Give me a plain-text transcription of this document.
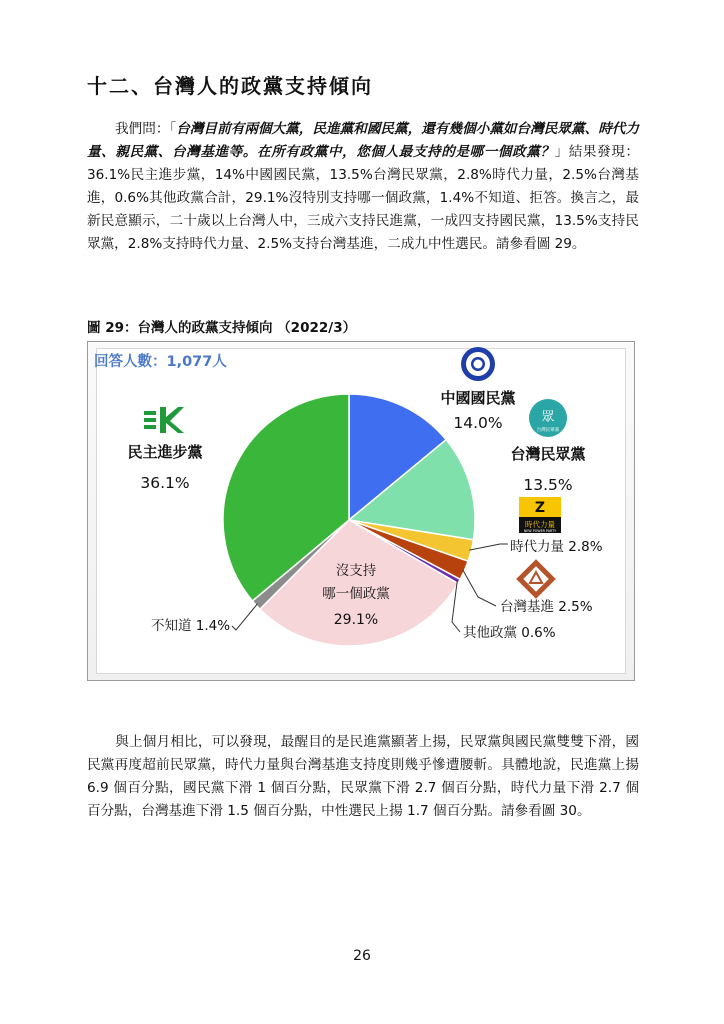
十二、台灣人的政黨支持傾向
我們問：「台灣目前有兩個大黨，民進黨和國民黨，還有幾個小黨如台灣民眾黨、時代力量、親民黨、台灣基進等。在所有政黨中，您個人最支持的是哪一個政黨？」結果發現：36.1%民主進步黨，14%中國國民黨，13.5%台灣民眾黨，2.8%時代力量，2.5%台灣基進，0.6%其他政黨合計，29.1%沒特別支持哪一個政黨，1.4%不知道、拒答。換言之，最新民意顯示，二十歲以上台灣人中，三成六支持民進黨，一成四支持國民黨，13.5%支持民眾黨，2.8%支持時代力量、2.5%支持台灣基進，二成九中性選民。請參看圖 29。
圖 29：台灣人的政黨支持傾向 （2022/3）
回答人數：1,077人
眾
台灣民眾黨
Z
時代力量
NEW POWER PARTY
中國國民黨
14.0%
台灣民眾黨
13.5%
時代力量 2.8%
台灣基進 2.5%
其他政黨 0.6%
沒支持
哪一個政黨
29.1%
不知道 1.4%
民主進步黨
36.1%
與上個月相比，可以發現，最醒目的是民進黨顯著上揚，民眾黨與國民黨雙雙下滑，國民黨再度超前民眾黨，時代力量與台灣基進支持度則幾乎慘遭腰斬。具體地說，民進黨上揚 6.9 個百分點，國民黨下滑 1 個百分點，民眾黨下滑 2.7 個百分點，時代力量下滑 2.7 個百分點，台灣基進下滑 1.5 個百分點，中性選民上揚 1.7 個百分點。請參看圖 30。
26
